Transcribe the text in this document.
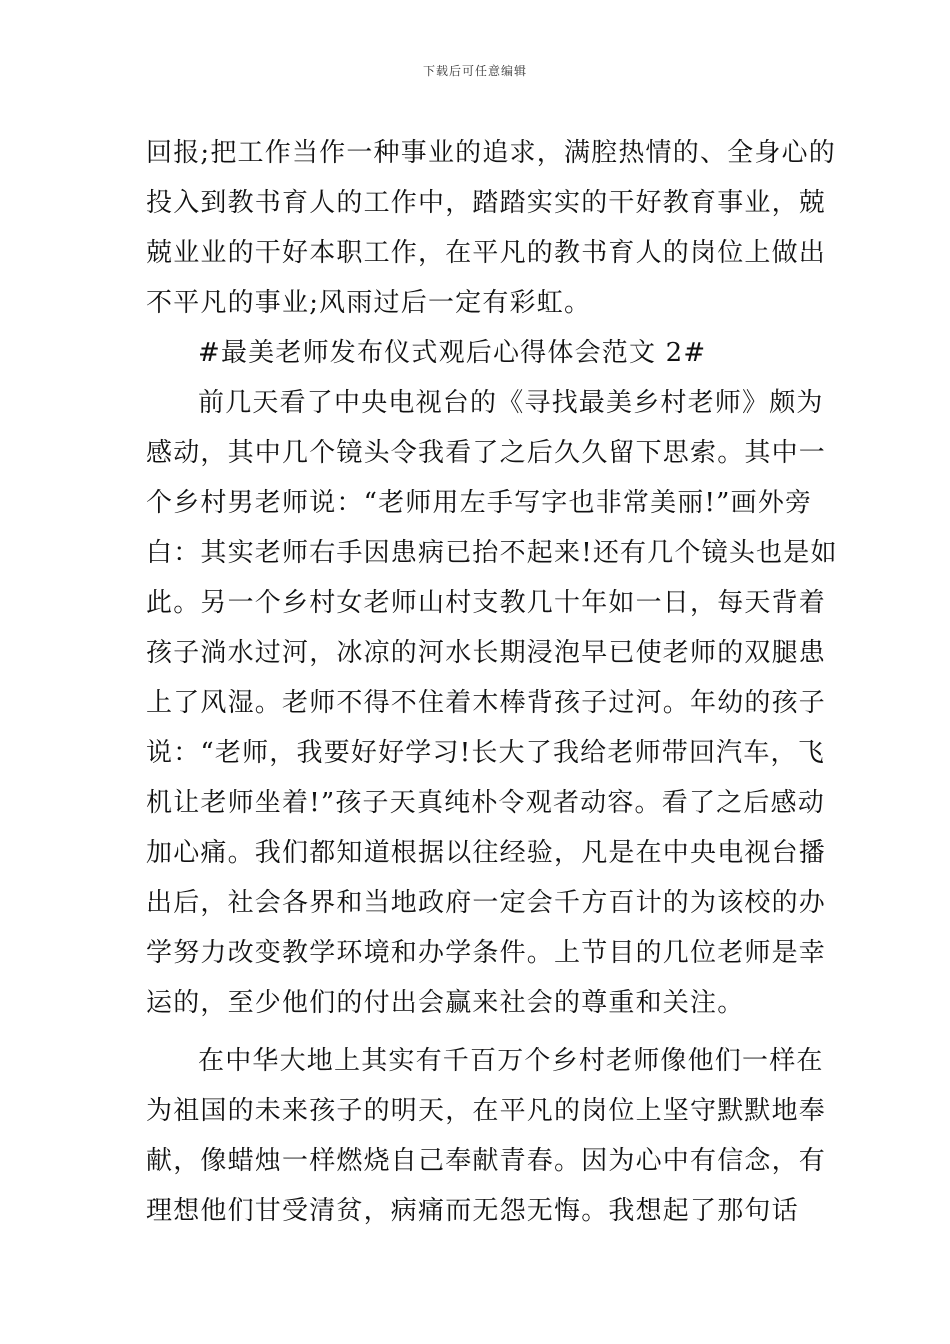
下载后可任意编辑
回报;把工作当作一种事业的追求，满腔热情的、全身心的
投入到教书育人的工作中，踏踏实实的干好教育事业，兢
兢业业的干好本职工作，在平凡的教书育人的岗位上做出
不平凡的事业;风雨过后一定有彩虹。
#最美老师发布仪式观后心得体会范文 2#
前几天看了中央电视台的《寻找最美乡村老师》颇为
感动，其中几个镜头令我看了之后久久留下思索。其中一
个乡村男老师说：“老师用左手写字也非常美丽!”画外旁
白：其实老师右手因患病已抬不起来!还有几个镜头也是如
此。另一个乡村女老师山村支教几十年如一日，每天背着
孩子淌水过河，冰凉的河水长期浸泡早已使老师的双腿患
上了风湿。老师不得不住着木棒背孩子过河。年幼的孩子
说：“老师，我要好好学习!长大了我给老师带回汽车，飞
机让老师坐着!”孩子天真纯朴令观者动容。看了之后感动
加心痛。我们都知道根据以往经验，凡是在中央电视台播
出后，社会各界和当地政府一定会千方百计的为该校的办
学努力改变教学环境和办学条件。上节目的几位老师是幸
运的，至少他们的付出会赢来社会的尊重和关注。
在中华大地上其实有千百万个乡村老师像他们一样在
为祖国的未来孩子的明天，在平凡的岗位上坚守默默地奉
献，像蜡烛一样燃烧自己奉献青春。因为心中有信念，有
理想他们甘受清贫，病痛而无怨无悔。我想起了那句话
